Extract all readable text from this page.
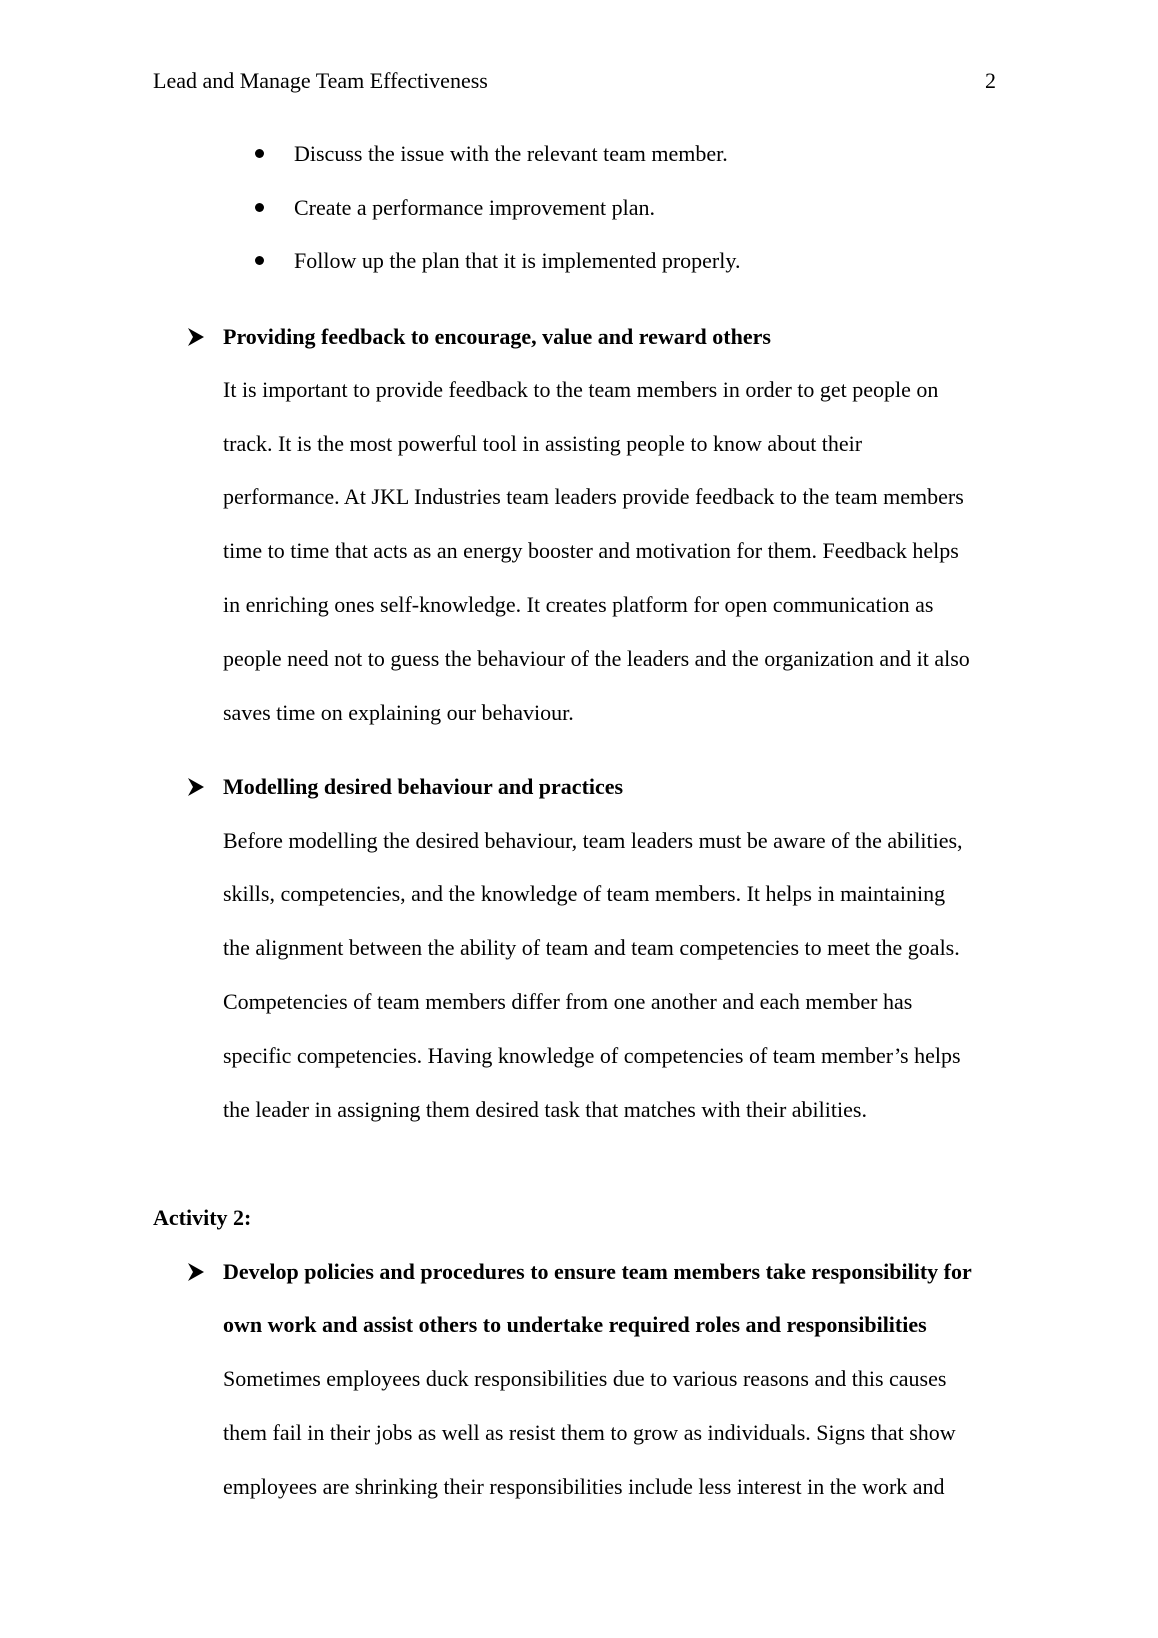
Lead and Manage Team Effectiveness	2
Discuss the issue with the relevant team member.
Create a performance improvement plan.
Follow up the plan that it is implemented properly.
Providing feedback to encourage, value and reward others
It is important to provide feedback to the team members in order to get people on
track. It is the most powerful tool in assisting people to know about their
performance. At JKL Industries team leaders provide feedback to the team members
time to time that acts as an energy booster and motivation for them. Feedback helps
in enriching ones self-knowledge. It creates platform for open communication as
people need not to guess the behaviour of the leaders and the organization and it also
saves time on explaining our behaviour.
Modelling desired behaviour and practices
Before modelling the desired behaviour, team leaders must be aware of the abilities,
skills, competencies, and the knowledge of team members. It helps in maintaining
the alignment between the ability of team and team competencies to meet the goals.
Competencies of team members differ from one another and each member has
specific competencies. Having knowledge of competencies of team member’s helps
the leader in assigning them desired task that matches with their abilities.
Activity 2:
Develop policies and procedures to ensure team members take responsibility for
own work and assist others to undertake required roles and responsibilities
Sometimes employees duck responsibilities due to various reasons and this causes
them fail in their jobs as well as resist them to grow as individuals. Signs that show
employees are shrinking their responsibilities include less interest in the work and
